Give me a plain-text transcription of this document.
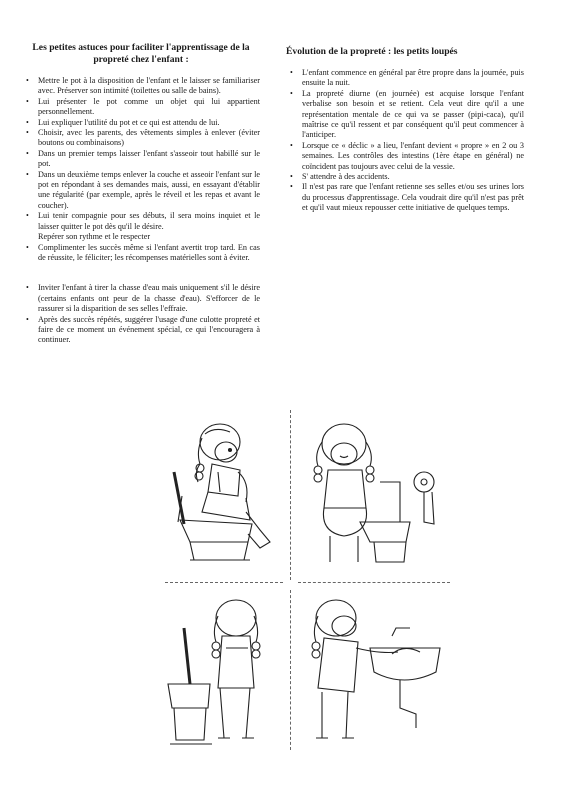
Les petites astuces pour faciliter l'apprentissage de la propreté chez l'enfant :
• Mettre le pot à la disposition de l'enfant et le laisser se familiariser avec. Préserver son intimité (toilettes ou salle de bains).
• Lui présenter le pot comme un objet qui lui appartient personnellement.
• Lui expliquer l'utilité du pot et ce qui est attendu de lui.
• Choisir, avec les parents, des vêtements simples à enlever (éviter boutons ou combinaisons)
• Dans un premier temps laisser l'enfant s'asseoir tout habillé sur le pot.
• Dans un deuxième temps enlever la couche et asseoir l'enfant sur le pot en répondant à ses demandes mais, aussi, en essayant d'établir une régularité (par exemple, après le réveil et les repas et avant le coucher).
• Lui tenir compagnie pour ses débuts, il sera moins inquiet et le laisser quitter le pot dès qu'il le désire.
Repérer son rythme et le respecter
• Complimenter les succès même si l'enfant avertit trop tard. En cas de réussite, le féliciter; les récompenses matérielles sont à éviter.
• Inviter l'enfant à tirer la chasse d'eau mais uniquement s'il le désire (certains enfants ont peur de la chasse d'eau). S'efforcer de le rassurer si la disparition de ses selles l'effraie.
• Après des succès répétés, suggérer l'usage d'une culotte propreté et faire de ce moment un événement spécial, ce qui l'encouragera à continuer.
Évolution de la propreté : les petits loupés
• L'enfant commence en général par être propre dans la journée, puis ensuite la nuit.
• La propreté diurne (en journée) est acquise lorsque l'enfant verbalise son besoin et se retient. Cela veut dire qu'il a une représentation mentale de ce qui va se passer (pipi-caca), qu'il maîtrise ce qu'il ressent et par conséquent qu'il peut commencer à l'anticiper.
• Lorsque ce « déclic » a lieu, l'enfant devient « propre » en 2 ou 3 semaines. Les contrôles des intestins (1ère étape en général) ne coïncident pas toujours avec celui de la vessie.
• S' attendre à des accidents.
• Il n'est pas rare que l'enfant retienne ses selles et/ou ses urines lors du processus d'apprentissage. Cela voudrait dire qu'il n'est pas prêt et qu'il vaut mieux repousser cette initiative de quelques temps.
